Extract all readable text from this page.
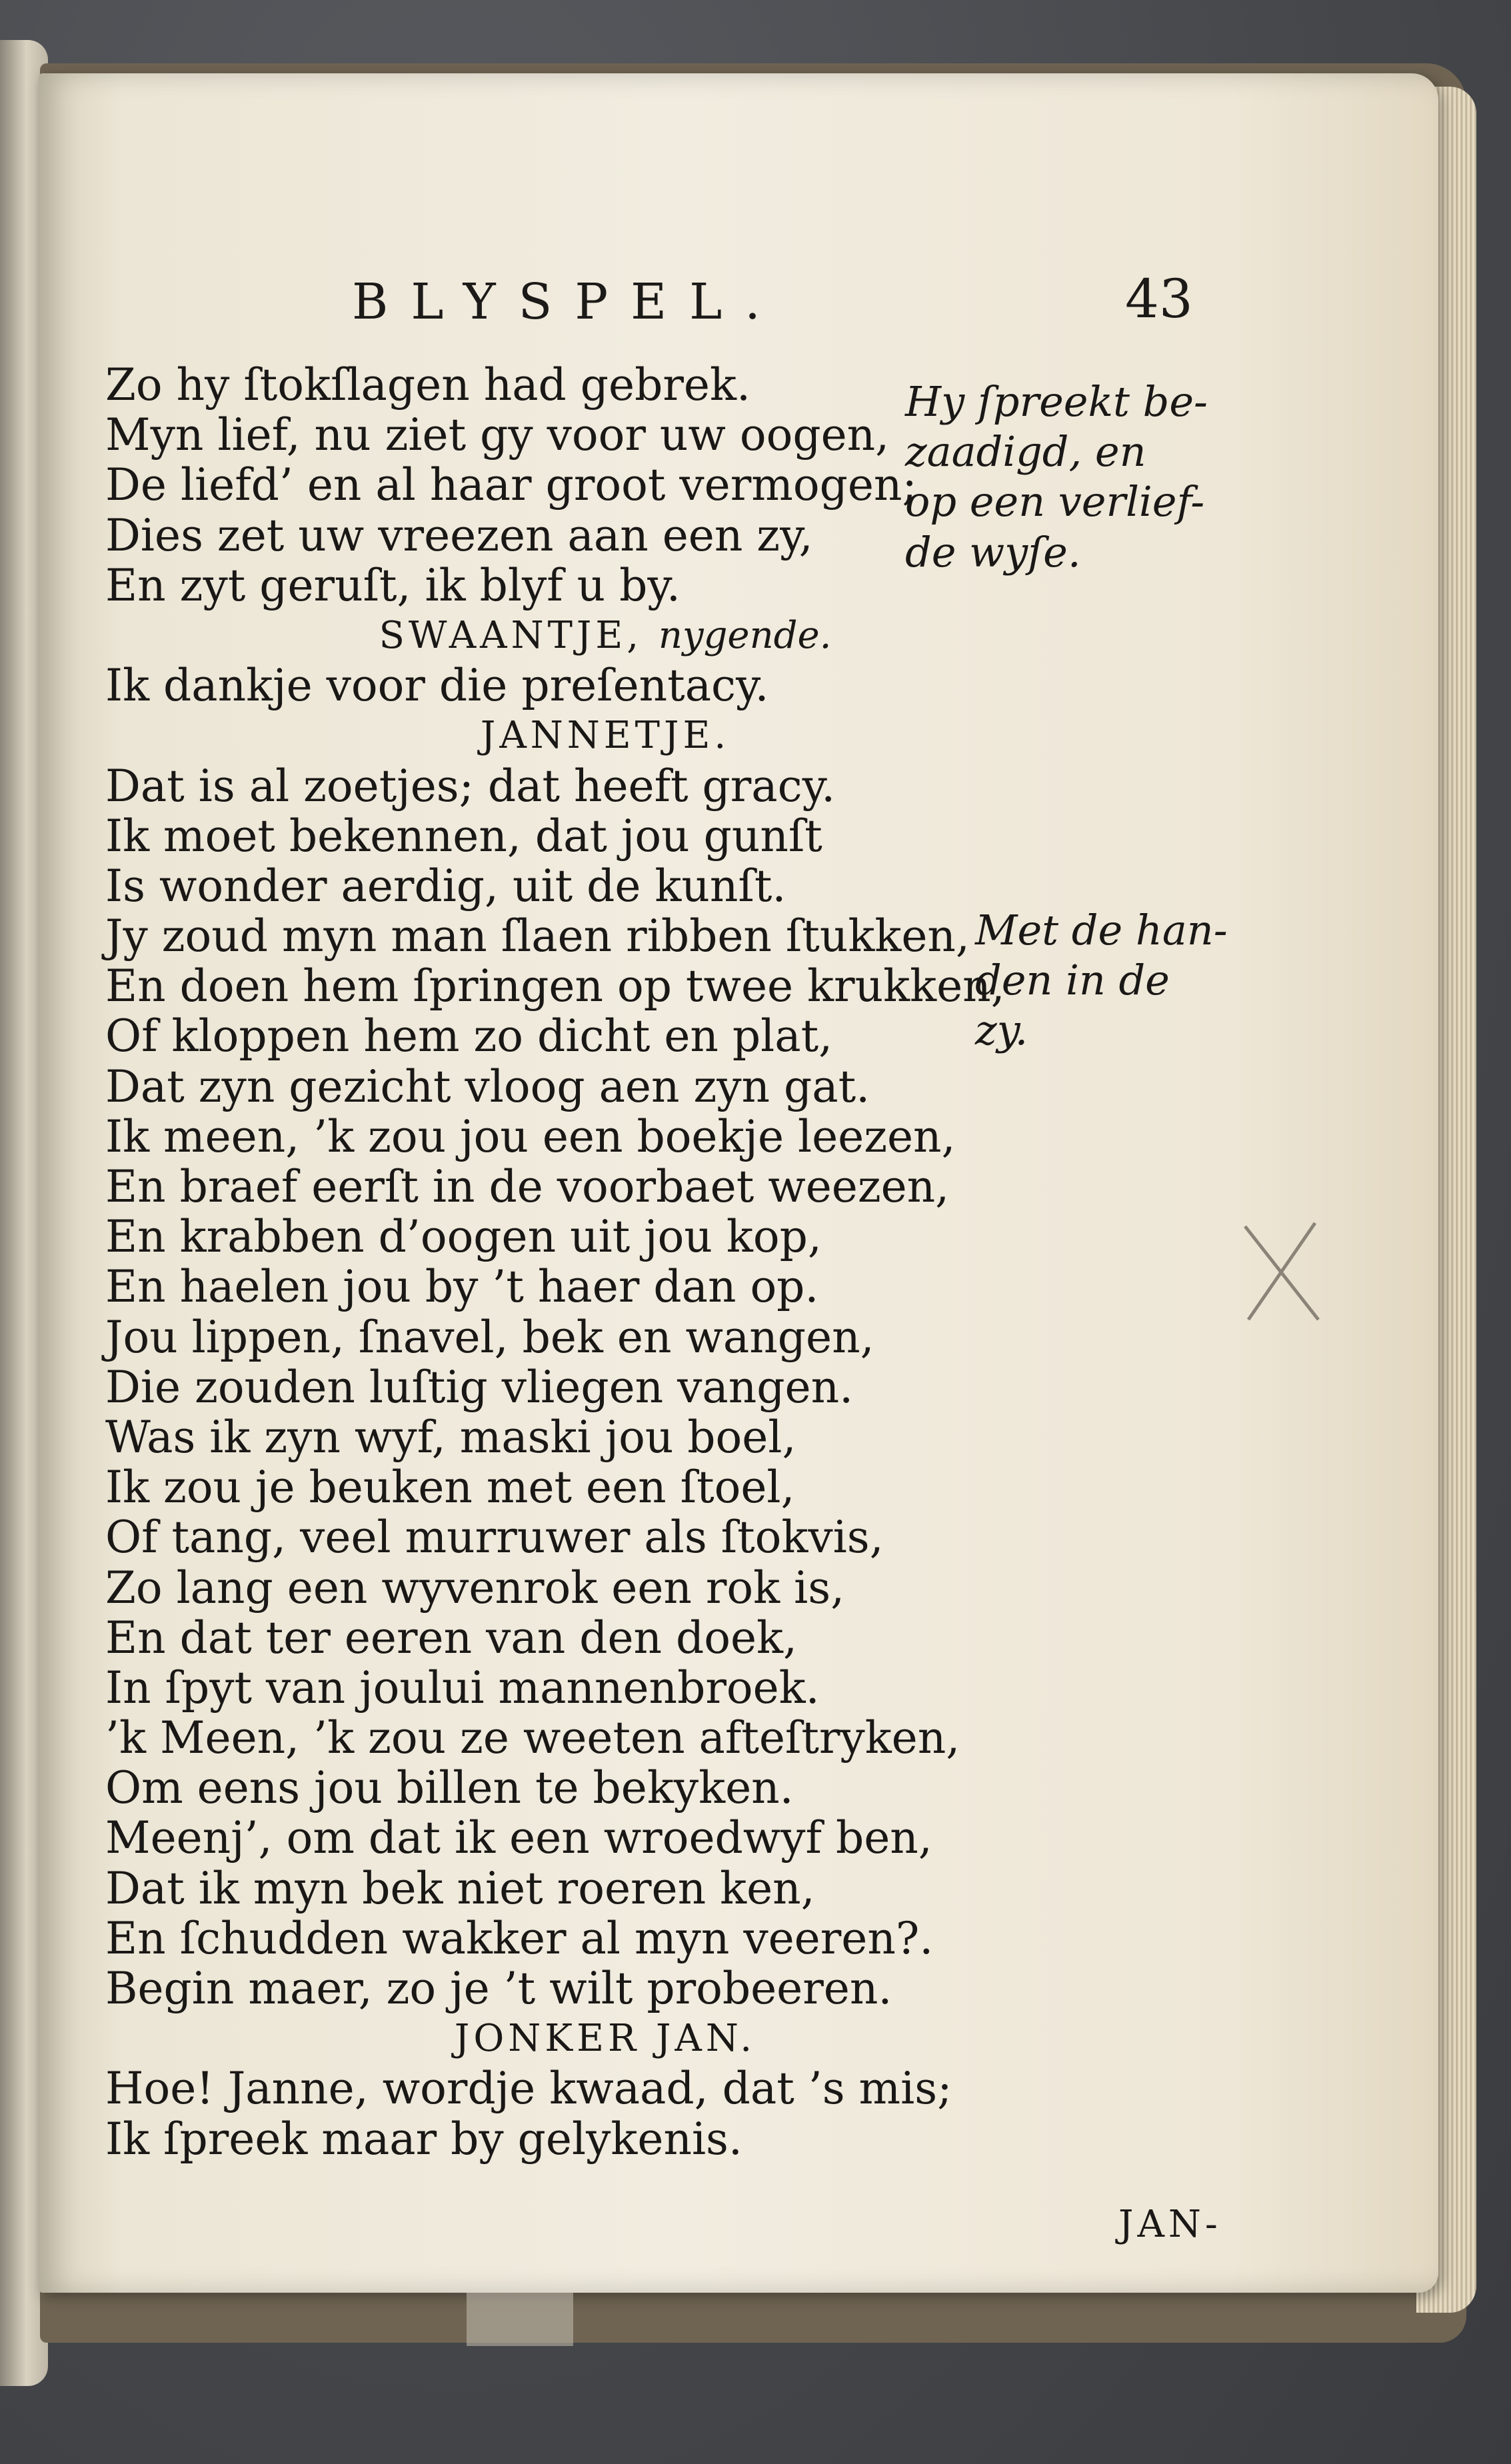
BLYSPEL.	43
Zo hy ſtokſlagen had gebrek.
Myn lief, nu ziet gy voor uw oogen,
De liefd’ en al haar groot vermogen;
Dies zet uw vreezen aan een zy,
En zyt geruſt, ik blyf u by.
SWAANTJE, nygende.
Ik dankje voor die preſentacy.
JANNETJE.
Dat is al zoetjes; dat heeft gracy.
Ik moet bekennen, dat jou gunſt
Is wonder aerdig, uit de kunſt.
Jy zoud myn man ſlaen ribben ſtukken,
En doen hem ſpringen op twee krukken,
Of kloppen hem zo dicht en plat,
Dat zyn gezicht vloog aen zyn gat.
Ik meen, ’k zou jou een boekje leezen,
En braef eerſt in de voorbaet weezen,
En krabben d’oogen uit jou kop,
En haelen jou by ’t haer dan op.
Jou lippen, ſnavel, bek en wangen,
Die zouden luſtig vliegen vangen.
Was ik zyn wyf, maski jou boel,
Ik zou je beuken met een ſtoel,
Of tang, veel murruwer als ſtokvis,
Zo lang een wyvenrok een rok is,
En dat ter eeren van den doek,
In ſpyt van joului mannenbroek.
’k Meen, ’k zou ze weeten afteſtryken,
Om eens jou billen te bekyken.
Meenj’, om dat ik een wroedwyf ben,
Dat ik myn bek niet roeren ken,
En ſchudden wakker al myn veeren?.
Begin maer, zo je ’t wilt probeeren.
JONKER JAN.
Hoe! Janne, wordje kwaad, dat ’s mis;
Ik ſpreek maar by gelykenis.
Hy ſpreekt be-
zaadigd, en
op een verlief-
de wyſe.
Met de han-
den in de
zy.
JAN-
